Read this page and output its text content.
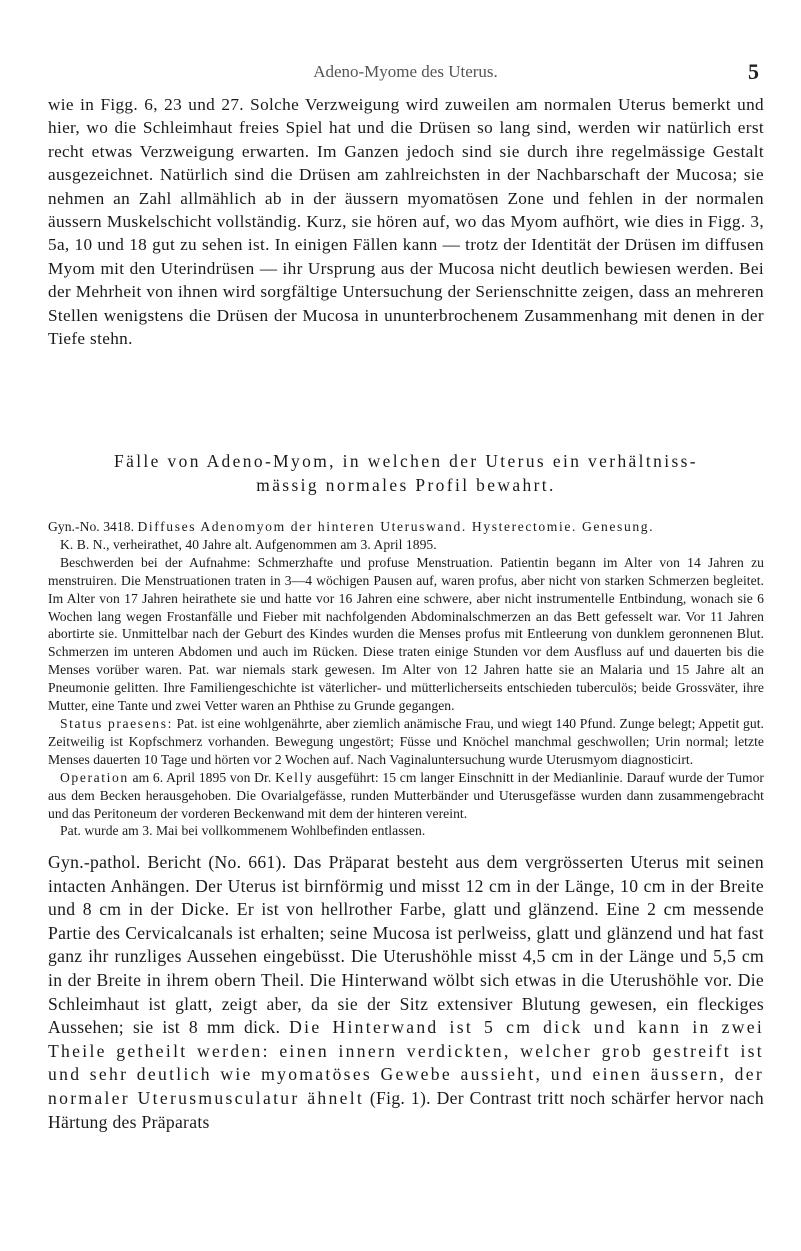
Adeno-Myome des Uterus.	5
wie in Figg. 6, 23 und 27. Solche Verzweigung wird zuweilen am normalen Uterus bemerkt und hier, wo die Schleimhaut freies Spiel hat und die Drüsen so lang sind, werden wir natürlich erst recht etwas Verzweigung erwarten. Im Ganzen jedoch sind sie durch ihre regelmässige Gestalt ausgezeichnet. Natürlich sind die Drüsen am zahlreichsten in der Nachbarschaft der Mucosa; sie nehmen an Zahl allmählich ab in der äussern myomatösen Zone und fehlen in der normalen äussern Muskelschicht vollständig. Kurz, sie hören auf, wo das Myom aufhört, wie dies in Figg. 3, 5a, 10 und 18 gut zu sehen ist. In einigen Fällen kann — trotz der Identität der Drüsen im diffusen Myom mit den Uterindrüsen — ihr Ursprung aus der Mucosa nicht deutlich bewiesen werden. Bei der Mehrheit von ihnen wird sorgfältige Untersuchung der Serienschnitte zeigen, dass an mehreren Stellen wenigstens die Drüsen der Mucosa in ununterbrochenem Zusammenhang mit denen in der Tiefe stehn.
Fälle von Adeno-Myom, in welchen der Uterus ein verhältniss-
mässig normales Profil bewahrt.

Gyn.-No. 3418. Diffuses Adenomyom der hinteren Uteruswand. Hysterectomie. Genesung.

K. B. N., verheirathet, 40 Jahre alt. Aufgenommen am 3. April 1895.

Beschwerden bei der Aufnahme: Schmerzhafte und profuse Menstruation. Patientin begann im Alter von 14 Jahren zu menstruiren. Die Menstruationen traten in 3—4 wöchigen Pausen auf, waren profus, aber nicht von starken Schmerzen begleitet. Im Alter von 17 Jahren heirathete sie und hatte vor 16 Jahren eine schwere, aber nicht instrumentelle Entbindung, wonach sie 6 Wochen lang wegen Frostanfälle und Fieber mit nachfolgenden Abdominalschmerzen an das Bett gefesselt war. Vor 11 Jahren abortirte sie. Unmittelbar nach der Geburt des Kindes wurden die Menses profus mit Entleerung von dunklem geronnenen Blut. Schmerzen im unteren Abdomen und auch im Rücken. Diese traten einige Stunden vor dem Ausfluss auf und dauerten bis die Menses vorüber waren. Pat. war niemals stark gewesen. Im Alter von 12 Jahren hatte sie an Malaria und 15 Jahre alt an Pneumonie gelitten. Ihre Familiengeschichte ist väterlicher- und mütterlicherseits entschieden tuberculös; beide Grossväter, ihre Mutter, eine Tante und zwei Vetter waren an Phthise zu Grunde gegangen.

Status praesens: Pat. ist eine wohlgenährte, aber ziemlich anämische Frau, und wiegt 140 Pfund. Zunge belegt; Appetit gut. Zeitweilig ist Kopfschmerz vorhanden. Bewegung ungestört; Füsse und Knöchel manchmal geschwollen; Urin normal; letzte Menses dauerten 10 Tage und hörten vor 2 Wochen auf. Nach Vaginaluntersuchung wurde Uterusmyom diagnosticirt.

Operation am 6. April 1895 von Dr. Kelly ausgeführt: 15 cm langer Einschnitt in der Medianlinie. Darauf wurde der Tumor aus dem Becken herausgehoben. Die Ovarialgefässe, runden Mutterbänder und Uterusgefässe wurden dann zusammengebracht und das Peritoneum der vorderen Beckenwand mit dem der hinteren vereint.

Pat. wurde am 3. Mai bei vollkommenem Wohlbefinden entlassen.

Gyn.-pathol. Bericht (No. 661). Das Präparat besteht aus dem vergrösserten Uterus mit seinen intacten Anhängen. Der Uterus ist birnförmig und misst 12 cm in der Länge, 10 cm in der Breite und 8 cm in der Dicke. Er ist von hellrother Farbe, glatt und glänzend. Eine 2 cm messende Partie des Cervicalcanals ist erhalten; seine Mucosa ist perlweiss, glatt und glänzend und hat fast ganz ihr runzliges Aussehen eingebüsst. Die Uterushöhle misst 4,5 cm in der Länge und 5,5 cm in der Breite in ihrem obern Theil. Die Hinterwand wölbt sich etwas in die Uterushöhle vor. Die Schleimhaut ist glatt, zeigt aber, da sie der Sitz extensiver Blutung gewesen, ein fleckiges Aussehen; sie ist 8 mm dick. Die Hinterwand ist 5 cm dick und kann in zwei Theile getheilt werden: einen innern verdickten, welcher grob gestreift ist und sehr deutlich wie myomatöses Gewebe aussieht, und einen äussern, der normaler Uterusmusculatur ähnelt (Fig. 1). Der Contrast tritt noch schärfer hervor nach Härtung des Präparats
